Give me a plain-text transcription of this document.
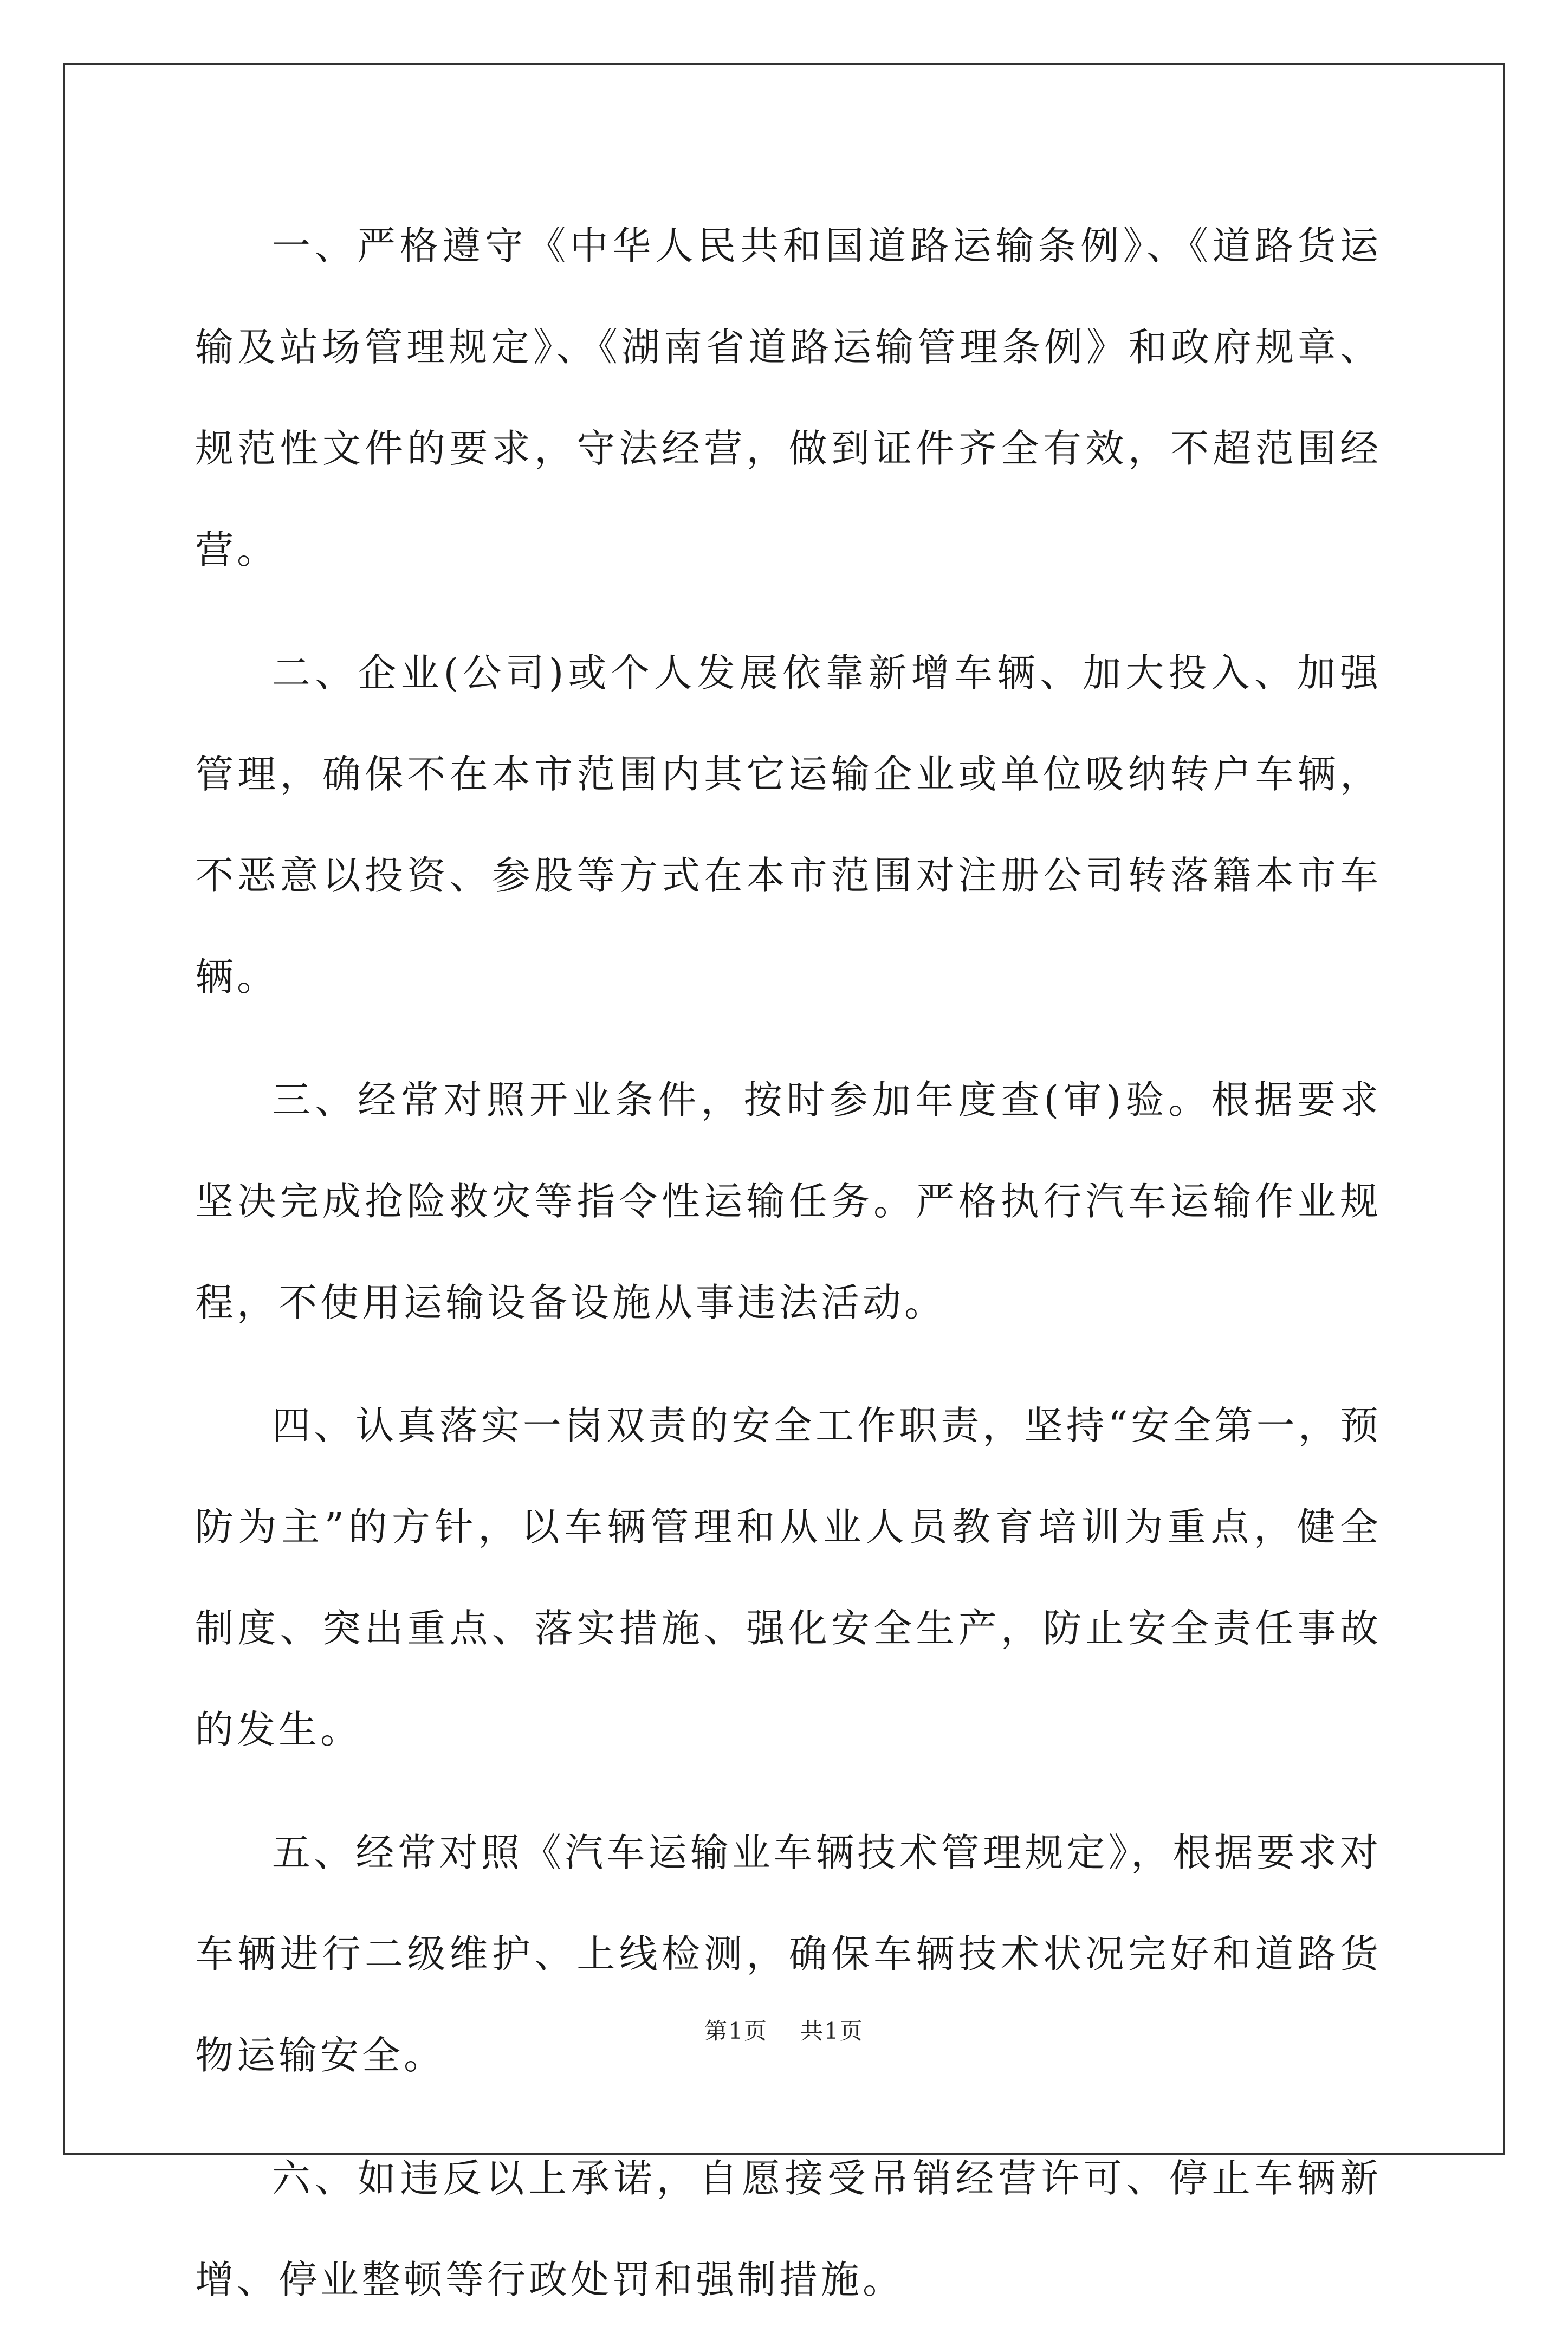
一、严格遵守《中华人民共和国道路运输条例》、《道路货运输及站场管理规定》、《湖南省道路运输管理条例》和政府规章、规范性文件的要求，守法经营，做到证件齐全有效，不超范围经营。

二、企业(公司)或个人发展依靠新增车辆、加大投入、加强管理，确保不在本市范围内其它运输企业或单位吸纳转户车辆，不恶意以投资、参股等方式在本市范围对注册公司转落籍本市车辆。

三、经常对照开业条件，按时参加年度查(审)验。根据要求坚决完成抢险救灾等指令性运输任务。严格执行汽车运输作业规程，不使用运输设备设施从事违法活动。

四、认真落实一岗双责的安全工作职责，坚持“安全第一，预防为主”的方针，以车辆管理和从业人员教育培训为重点，健全制度、突出重点、落实措施、强化安全生产，防止安全责任事故的发生。

五、经常对照《汽车运输业车辆技术管理规定》，根据要求对车辆进行二级维护、上线检测，确保车辆技术状况完好和道路货物运输安全。

六、如违反以上承诺，自愿接受吊销经营许可、停止车辆新增、停业整顿等行政处罚和强制措施。

第1页 共1页
